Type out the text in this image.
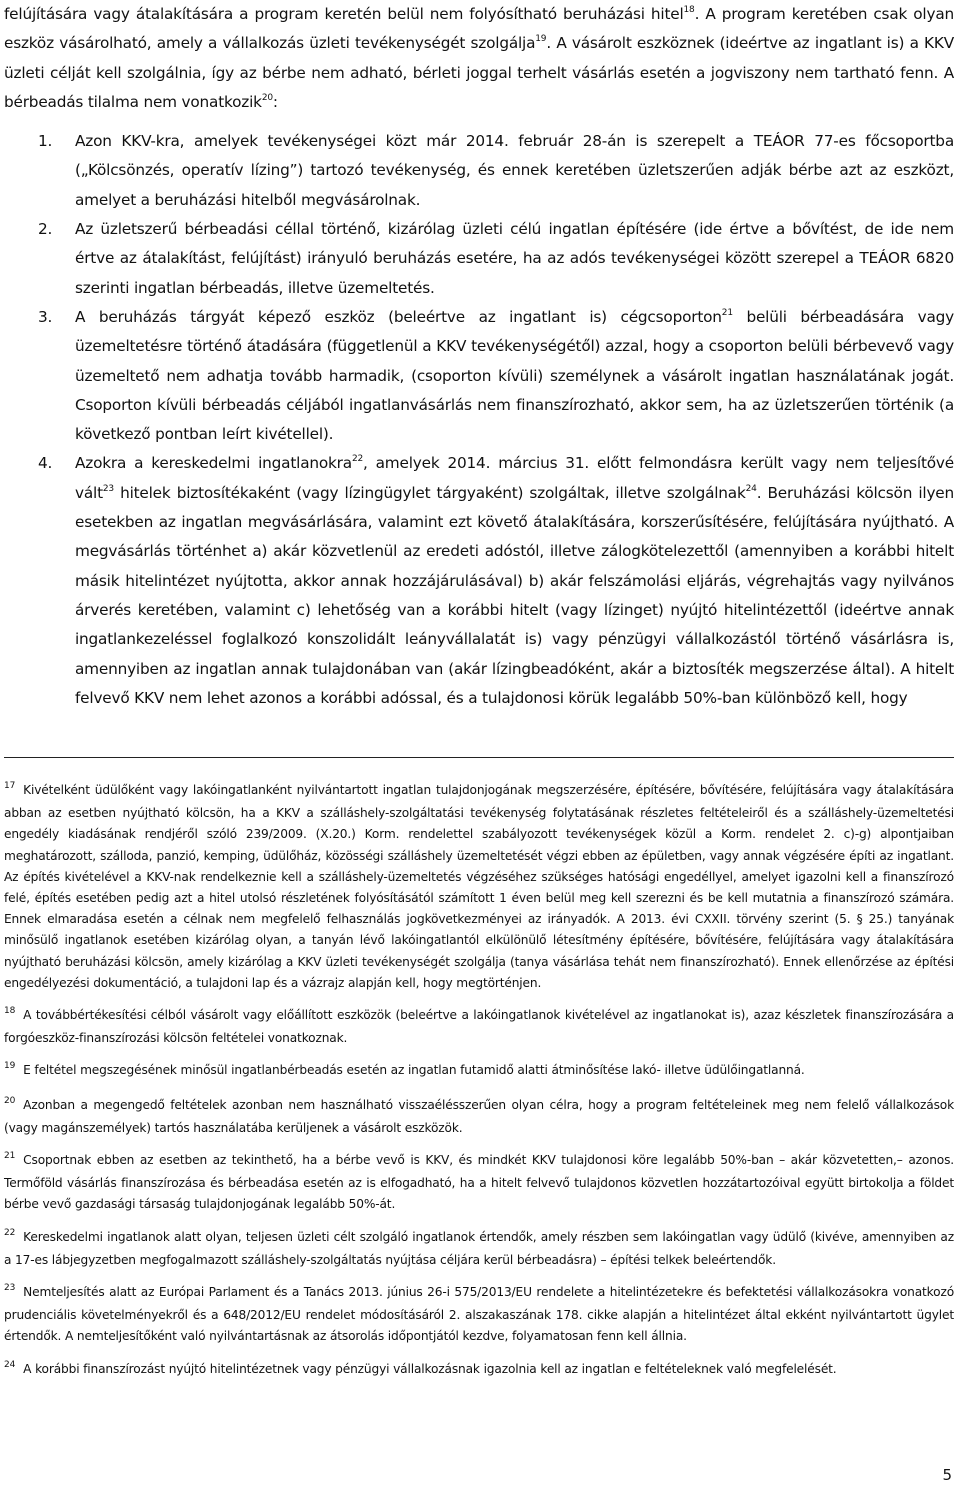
felújítására vagy átalakítására a program keretén belül nem folyósítható beruházási hitel$^{18}$. A program keretében csak olyan eszköz vásárolható, amely a vállalkozás üzleti tevékenységét szolgálja$^{19}$. A vásárolt eszköznek (ideértve az ingatlant is) a KKV üzleti célját kell szolgálnia, így az bérbe nem adható, bérleti joggal terhelt vásárlás esetén a jogviszony nem tartható fenn. A bérbeadás tilalma nem vonatkozik$^{20}$:

1. Azon KKV-kra, amelyek tevékenységei közt már 2014. február 28-án is szerepelt a TEÁOR 77-es főcsoportba („Kölcsönzés, operatív lízing”) tartozó tevékenység, és ennek keretében üzletszerűen adják bérbe azt az eszközt, amelyet a beruházási hitelből megvásárolnak.
2. Az üzletszerű bérbeadási céllal történő, kizárólag üzleti célú ingatlan építésére (ide értve a bővítést, de ide nem értve az átalakítást, felújítást) irányuló beruházás esetére, ha az adós tevékenységei között szerepel a TEÁOR 6820 szerinti ingatlan bérbeadás, illetve üzemeltetés.
3. A beruházás tárgyát képező eszköz (beleértve az ingatlant is) cégcsoporton$^{21}$ belüli bérbeadására vagy üzemeltetésre történő átadására (függetlenül a KKV tevékenységétől) azzal, hogy a csoporton belüli bérbevevő vagy üzemeltető nem adhatja tovább harmadik, (csoporton kívüli) személynek a vásárolt ingatlan használatának jogát. Csoporton kívüli bérbeadás céljából ingatlanvásárlás nem finanszírozható, akkor sem, ha az üzletszerűen történik (a következő pontban leírt kivétellel).
4. Azokra a kereskedelmi ingatlanokra$^{22}$, amelyek 2014. március 31. előtt felmondásra került vagy nem teljesítővé vált$^{23}$ hitelek biztosítékaként (vagy lízingügylet tárgyaként) szolgáltak, illetve szolgálnak$^{24}$. Beruházási kölcsön ilyen esetekben az ingatlan megvásárlására, valamint ezt követő átalakítására, korszerűsítésére, felújítására nyújtható. A megvásárlás történhet a) akár közvetlenül az eredeti adóstól, illetve zálogkötelezettől (amennyiben a korábbi hitelt másik hitelintézet nyújtotta, akkor annak hozzájárulásával) b) akár felszámolási eljárás, végrehajtás vagy nyilvános árverés keretében, valamint c) lehetőség van a korábbi hitelt (vagy lízinget) nyújtó hitelintézettől (ideértve annak ingatlankezeléssel foglalkozó konszolidált leányvállalatát is) vagy pénzügyi vállalkozástól történő vásárlásra is, amennyiben az ingatlan annak tulajdonában van (akár lízingbeadóként, akár a biztosíték megszerzése által). A hitelt felvevő KKV nem lehet azonos a korábbi adóssal, és a tulajdonosi körük legalább 50%-ban különböző kell, hogy

$^{17}$ Kivételként üdülőként vagy lakóingatlanként nyilvántartott ingatlan tulajdonjogának megszerzésére, építésére, bővítésére, felújítására vagy átalakítására abban az esetben nyújtható kölcsön, ha a KKV a szálláshely-szolgáltatási tevékenység folytatásának részletes feltételeiről és a szálláshely-üzemeltetési engedély kiadásának rendjéről szóló 239/2009. (X.20.) Korm. rendelettel szabályozott tevékenységek közül a Korm. rendelet 2. c)-g) alpontjaiban meghatározott, szálloda, panzió, kemping, üdülőház, közösségi szálláshely üzemeltetését végzi ebben az épületben, vagy annak végzésére építi az ingatlant. Az építés kivételével a KKV-nak rendelkeznie kell a szálláshely-üzemeltetés végzéséhez szükséges hatósági engedéllyel, amelyet igazolni kell a finanszírozó felé, építés esetében pedig azt a hitel utolsó részletének folyósításától számított 1 éven belül meg kell szerezni és be kell mutatnia a finanszírozó számára. Ennek elmaradása esetén a célnak nem megfelelő felhasználás jogkövetkezményei az irányadók. A 2013. évi CXXII. törvény szerint (5. § 25.) tanyának minősülő ingatlanok esetében kizárólag olyan, a tanyán lévő lakóingatlantól elkülönülő létesítmény építésére, bővítésére, felújítására vagy átalakítására nyújtható beruházási kölcsön, amely kizárólag a KKV üzleti tevékenységét szolgálja (tanya vásárlása tehát nem finanszírozható). Ennek ellenőrzése az építési engedélyezési dokumentáció, a tulajdoni lap és a vázrajz alapján kell, hogy megtörténjen.

$^{18}$ A továbbértékesítési célból vásárolt vagy előállított eszközök (beleértve a lakóingatlanok kivételével az ingatlanokat is), azaz készletek finanszírozására a forgóeszköz-finanszírozási kölcsön feltételei vonatkoznak.

$^{19}$ E feltétel megszegésének minősül ingatlanbérbeadás esetén az ingatlan futamidő alatti átminősítése lakó- illetve üdülőingatlanná.

$^{20}$ Azonban a megengedő feltételek azonban nem használható visszaélésszerűen olyan célra, hogy a program feltételeinek meg nem felelő vállalkozások (vagy magánszemélyek) tartós használatába kerüljenek a vásárolt eszközök.

$^{21}$ Csoportnak ebben az esetben az tekinthető, ha a bérbe vevő is KKV, és mindkét KKV tulajdonosi köre legalább 50%-ban – akár közvetetten,– azonos. Termőföld vásárlás finanszírozása és bérbeadása esetén az is elfogadható, ha a hitelt felvevő tulajdonos közvetlen hozzátartozóival együtt birtokolja a földet bérbe vevő gazdasági társaság tulajdonjogának legalább 50%-át.

$^{22}$ Kereskedelmi ingatlanok alatt olyan, teljesen üzleti célt szolgáló ingatlanok értendők, amely részben sem lakóingatlan vagy üdülő (kivéve, amennyiben az a 17-es lábjegyzetben megfogalmazott szálláshely-szolgáltatás nyújtása céljára kerül bérbeadásra) – építési telkek beleértendők.

$^{23}$ Nemteljesítés alatt az Európai Parlament és a Tanács 2013. június 26-i 575/2013/EU rendelete a hitelintézetekre és befektetési vállalkozásokra vonatkozó prudenciális követelményekről és a 648/2012/EU rendelet módosításáról 2. alszakaszának 178. cikke alapján a hitelintézet által ekként nyilvántartott ügylet értendők. A nemteljesítőként való nyilvántartásnak az átsorolás időpontjától kezdve, folyamatosan fenn kell állnia.

$^{24}$ A korábbi finanszírozást nyújtó hitelintézetnek vagy pénzügyi vállalkozásnak igazolnia kell az ingatlan e feltételeknek való megfelelését.

5
